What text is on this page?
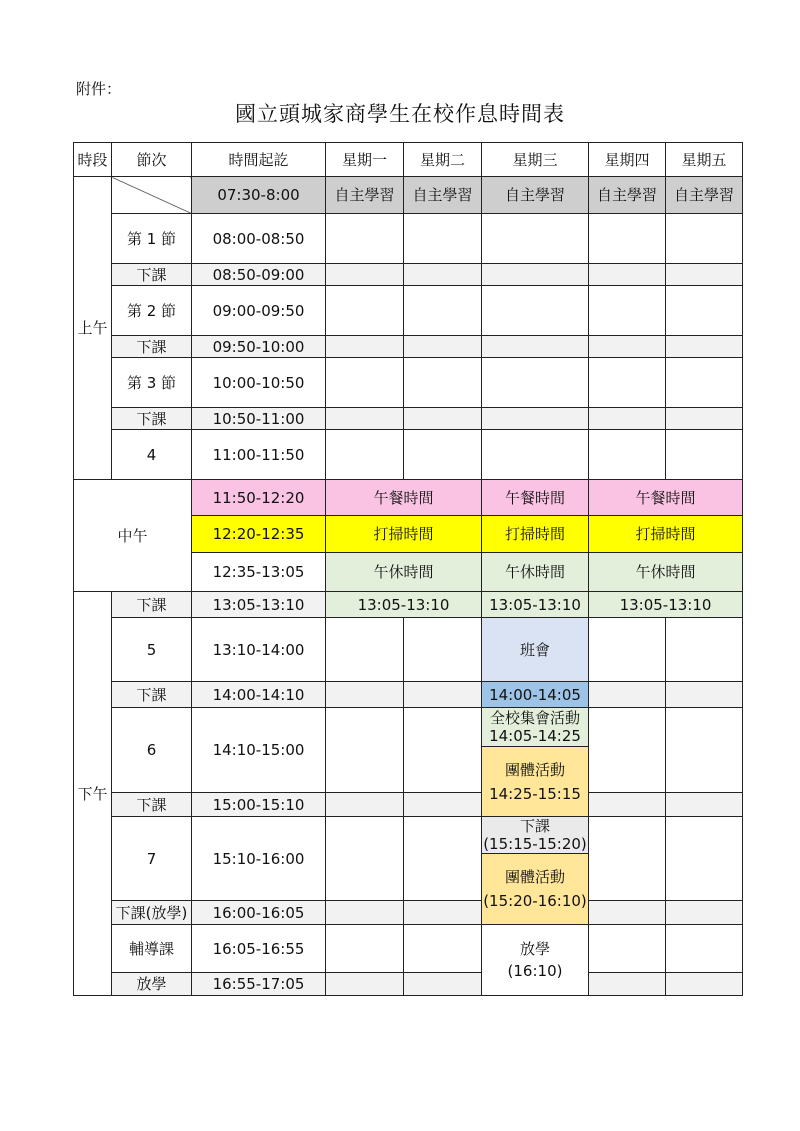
附件：
國立頭城家商學生在校作息時間表
時段	節次	時間起訖	星期一	星期二	星期三	星期四	星期五
上午		07:30-8:00	自主學習	自主學習	自主學習	自主學習	自主學習
	第 1 節	08:00-08:50					
	下課	08:50-09:00					
	第 2 節	09:00-09:50					
	下課	09:50-10:00					
	第 3 節	10:00-10:50					
	下課	10:50-11:00					
	4	11:00-11:50					
中午		11:50-12:20	午餐時間		午餐時間	午餐時間	
		12:20-12:35	打掃時間		打掃時間	打掃時間	
		12:35-13:05	午休時間		午休時間	午休時間	
下午	下課	13:05-13:10	13:05-13:10		13:05-13:10	13:05-13:10	
	5	13:10-14:00			班會		
	下課	14:00-14:10			14:00-14:05		
	6	14:10-15:00			全校集會活動
14:05-14:25		

					團體活動
14:25-15:15		

	下課	15:00-15:10					
	7	15:10-16:00			下課
(15:15-15:20)		

					團體活動
(15:20-16:10)		

	下課(放學)	16:00-16:05					
	輔導課	16:05-16:55			放學
(16:10)		

	放學	16:55-17:05					
